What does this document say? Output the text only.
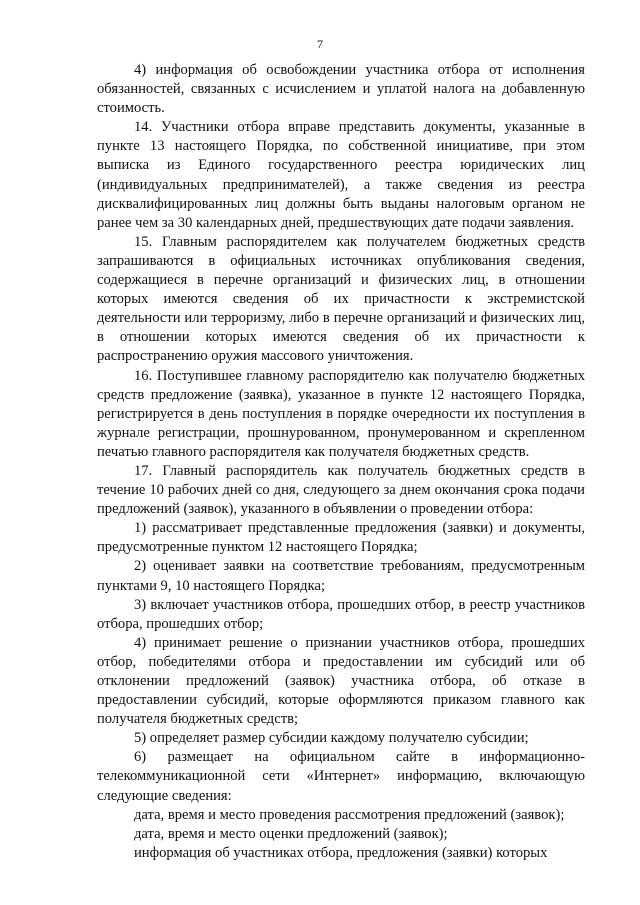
7

4) информация об освобождении участника отбора от исполнения обязанностей, связанных с исчислением и уплатой налога на добавленную стоимость.

14. Участники отбора вправе представить документы, указанные в пункте 13 настоящего Порядка, по собственной инициативе, при этом выписка из Единого государственного реестра юридических лиц (индивидуальных предпринимателей), а также сведения из реестра дисквалифицированных лиц должны быть выданы налоговым органом не ранее чем за 30 календарных дней, предшествующих дате подачи заявления.

15. Главным распорядителем как получателем бюджетных средств запрашиваются в официальных источниках опубликования сведения, содержащиеся в перечне организаций и физических лиц, в отношении которых имеются сведения об их причастности к экстремистской деятельности или терроризму, либо в перечне организаций и физических лиц, в отношении которых имеются сведения об их причастности к распространению оружия массового уничтожения.

16. Поступившее главному распорядителю как получателю бюджетных средств предложение (заявка), указанное в пункте 12 настоящего Порядка, регистрируется в день поступления в порядке очередности их поступления в журнале регистрации, прошнурованном, пронумерованном и скрепленном печатью главного распорядителя как получателя бюджетных средств.

17. Главный распорядитель как получатель бюджетных средств в течение 10 рабочих дней со дня, следующего за днем окончания срока подачи предложений (заявок), указанного в объявлении о проведении отбора:

1) рассматривает представленные предложения (заявки) и документы, предусмотренные пунктом 12 настоящего Порядка;

2) оценивает заявки на соответствие требованиям, предусмотренным пунктами 9, 10 настоящего Порядка;

3) включает участников отбора, прошедших отбор, в реестр участников отбора, прошедших отбор;

4) принимает решение о признании участников отбора, прошедших отбор, победителями отбора и предоставлении им субсидий или об отклонении предложений (заявок) участника отбора, об отказе в предоставлении субсидий, которые оформляются приказом главного как получателя бюджетных средств;

5) определяет размер субсидии каждому получателю субсидии;

6) размещает на официальном сайте в информационно-телекоммуникационной сети «Интернет» информацию, включающую следующие сведения:

дата, время и место проведения рассмотрения предложений (заявок);

дата, время и место оценки предложений (заявок);

информация об участниках отбора, предложения (заявки) которых
